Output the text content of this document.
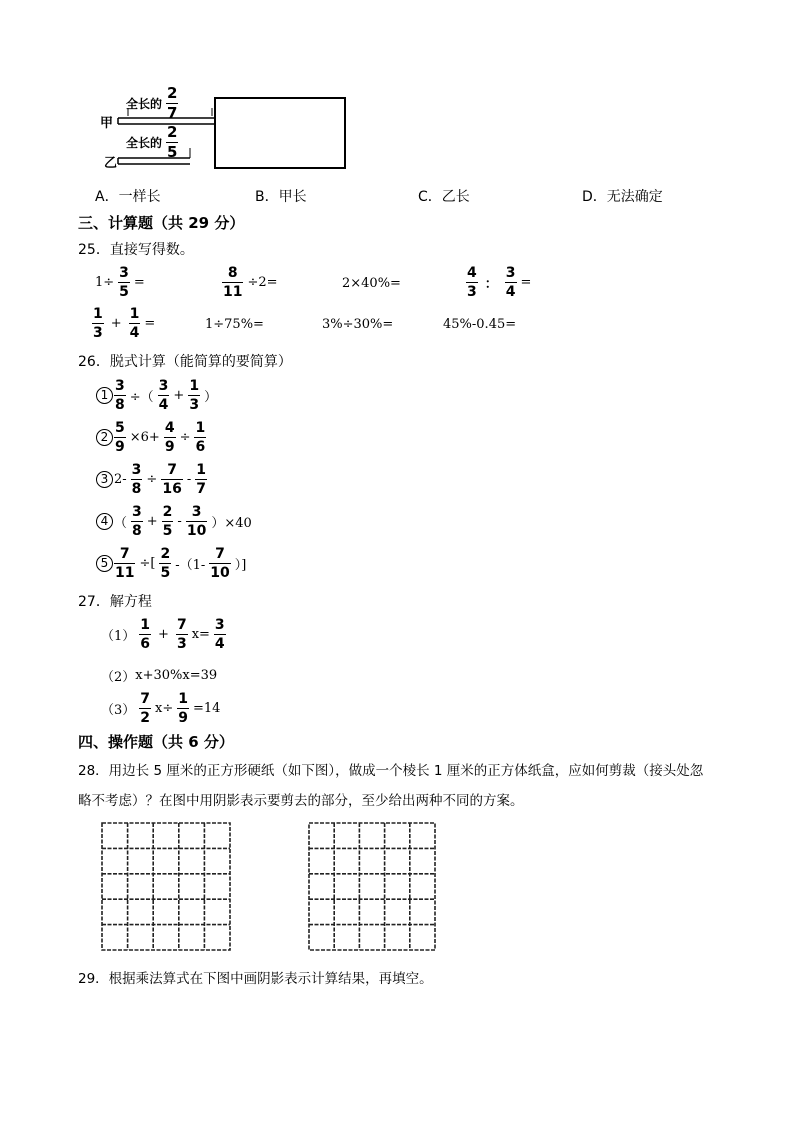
甲
乙
全长的 $\frac{2}{7}$
全长的 $\frac{2}{5}$
A．一样长	B．甲长	C．乙长	D．无法确定
三、计算题（共 29 分）
25．直接写得数。
$1\div \frac{3}{5}$ =	$\frac{8}{11} \div 2=$	2×40%=	$\frac{4}{3}$ ： $\frac{3}{4}$ =
$\frac{1}{3} + \frac{1}{4}$ =	1÷75%=	3%÷30%=	45%-0.45=
26．脱式计算（能简算的要简算）
$1 \frac{3}{8}$ ÷（ $\frac{3}{4} + \frac{1}{3}$ ）
$2 \frac{5}{9} \times 6+ \frac{4}{9} \div \frac{1}{6}$
3 $2- \frac{3}{8} \div \frac{7}{16} - \frac{1}{7}$
4 （ $\frac{3}{8} + \frac{2}{5} - \frac{3}{10} )\times 40$
$5 \frac{7}{11}$ ÷[ $\frac{2}{5} -(1- \frac{7}{10}$ ）]
27．解方程
$(1) \frac{1}{6} + \frac{7}{3} x= \frac{3}{4}$
（2） x+30%x=39
$(3) \frac{7}{2} x\div \frac{1}{9} =14$
四、操作题（共 6 分）
28．用边长 5 厘米的正方形硬纸（如下图），做成一个棱长 1 厘米的正方体纸盒，应如何剪裁（接头处忽
略不考虑）？在图中用阴影表示要剪去的部分，至少给出两种不同的方案。
29．根据乘法算式在下图中画阴影表示计算结果，再填空。
